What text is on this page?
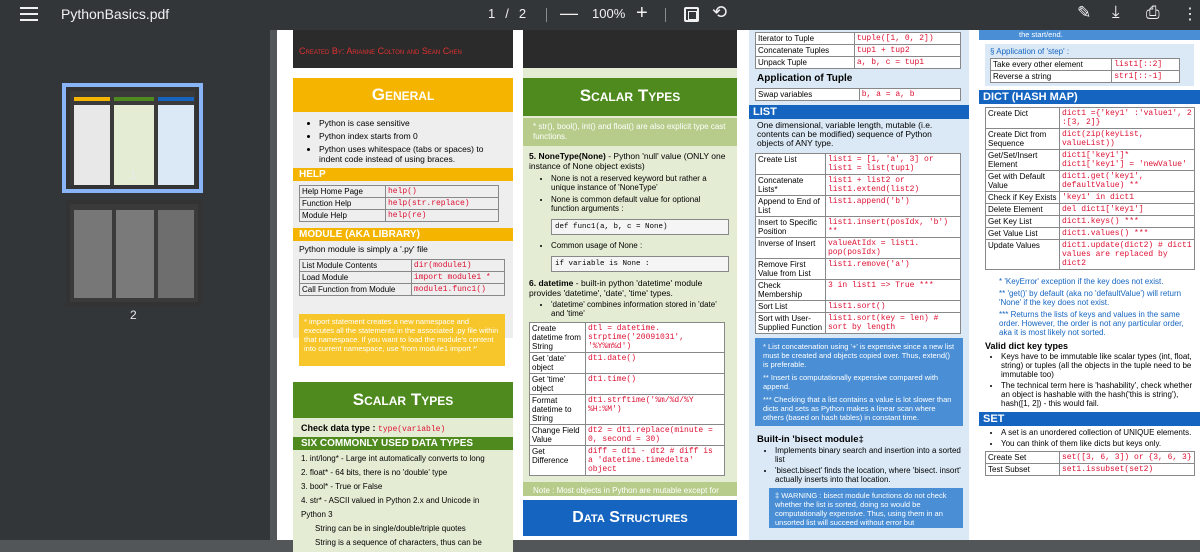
PythonBasics.pdf	1 / 2 — 100% +	⟲	✎ ⤓ ⎙ ⋮
1
2
Created By: Arianne Colton and Sean Chen
General
• Python is case sensitive
• Python index starts from 0
• Python uses whitespace (tabs or spaces) to indent code instead of using braces.
HELP
Help Home Page	help()
Function Help	help(str.replace)
Module Help	help(re)
MODULE (AKA LIBRARY)
Python module is simply a '.py' file
List Module Contents	dir(module1)
Load Module	import module1 *
Call Function from Module	module1.func1()
* import statement creates a new namespace and executes all the statements in the associated .py file within that namespace. If you want to load the module's content into current namespace, use 'from module1 import *'
Scalar Types
Check data type : type(variable)
SIX COMMONLY USED DATA TYPES
1. int/long* - Large int automatically converts to long
2. float* - 64 bits, there is no 'double' type
3. bool* - True or False
4. str* - ASCII valued in Python 2.x and Unicode in Python 3
String can be in single/double/triple quotes
String is a sequence of characters, thus can be
Scalar Types
* str(), bool(), int() and float() are also explicit type cast functions.
5. NoneType(None) - Python 'null' value (ONLY one instance of None object exists)
• None is not a reserved keyword but rather a unique instance of 'NoneType'
• None is common default value for optional function arguments :
def func1(a, b, c = None)
• Common usage of None :
if variable is None :
6. datetime - built-in python 'datetime' module provides 'datetime', 'date', 'time' types.
• 'datetime' combines information stored in 'date' and 'time'
Create datetime from String	dtl = datetime. strptime('20091031', '%Y%m%d')
Get 'date' object	dt1.date()
Get 'time' object	dt1.time()
Format datetime to String	dt1.strftime('%m/%d/%Y %H:%M')
Change Field Value	dt2 = dt1.replace(minute = 0, second = 30)
Get Difference	diff = dt1 - dt2 # diff is a 'datetime.timedelta' object
Note : Most objects in Python are mutable except for
Data Structures
Iterator to Tuple	tuple([1, 0, 2])
Concatenate Tuples	tup1 + tup2
Unpack Tuple	a, b, c = tup1
Application of Tuple
Swap variables	b, a = a, b
LIST
One dimensional, variable length, mutable (i.e. contents can be modified) sequence of Python objects of ANY type.
Create List	list1 = [1, 'a', 3] or list1 = list(tup1)
Concatenate Lists*	list1 + list2 or list1.extend(list2)
Append to End of List	list1.append('b')
Insert to Specific Position	list1.insert(posIdx, 'b') **
Inverse of Insert	valueAtIdx = list1. pop(posIdx)
Remove First Value from List	list1.remove('a')
Check Membership	3 in list1 => True ***
Sort List	list1.sort()
Sort with User-Supplied Function	list1.sort(key = len) # sort by length
* List concatenation using '+' is expensive since a new list must be created and objects copied over. Thus, extend() is preferable.
** Insert is computationally expensive compared with append.
*** Checking that a list contains a value is lot slower than dicts and sets as Python makes a linear scan where others (based on hash tables) in constant time.
Built-in 'bisect module‡
• Implements binary search and insertion into a sorted list
• 'bisect.bisect' finds the location, where 'bisect. insort' actually inserts into that location.
‡ WARNING : bisect module functions do not check whether the list is sorted, doing so would be computationally expensive. Thus, using them in an unsorted list will succeed without error but
the start/end.
§ Application of 'step' :
Take every other element	list1[::2]
Reverse a string	str1[::-1]
DICT (HASH MAP)
Create Dict	dict1 ={'key1' :'value1', 2 :[3, 2]}
Create Dict from Sequence	dict(zip(keyList, valueList))
Get/Set/Insert Element	dict1['key1']* dict1['key1'] = 'newValue'
Get with Default Value	dict1.get('key1', defaultValue) **
Check if Key Exists	'key1' in dict1
Delete Element	del dict1['key1']
Get Key List	dict1.keys() ***
Get Value List	dict1.values() ***
Update Values	dict1.update(dict2) # dict1 values are replaced by dict2
* 'KeyError' exception if the key does not exist.
** 'get()' by default (aka no 'defaultValue') will return 'None' if the key does not exist.
*** Returns the lists of keys and values in the same order. However, the order is not any particular order, aka it is most likely not sorted.
Valid dict key types
• Keys have to be immutable like scalar types (int, float, string) or tuples (all the objects in the tuple need to be immutable too)
• The technical term here is 'hashability', check whether an object is hashable with the hash('this is string'), hash([1, 2]) - this would fail.
SET
• A set is an unordered collection of UNIQUE elements.
• You can think of them like dicts but keys only.
Create Set	set([3, 6, 3]) or {3, 6, 3}
Test Subset	set1.issubset(set2)
